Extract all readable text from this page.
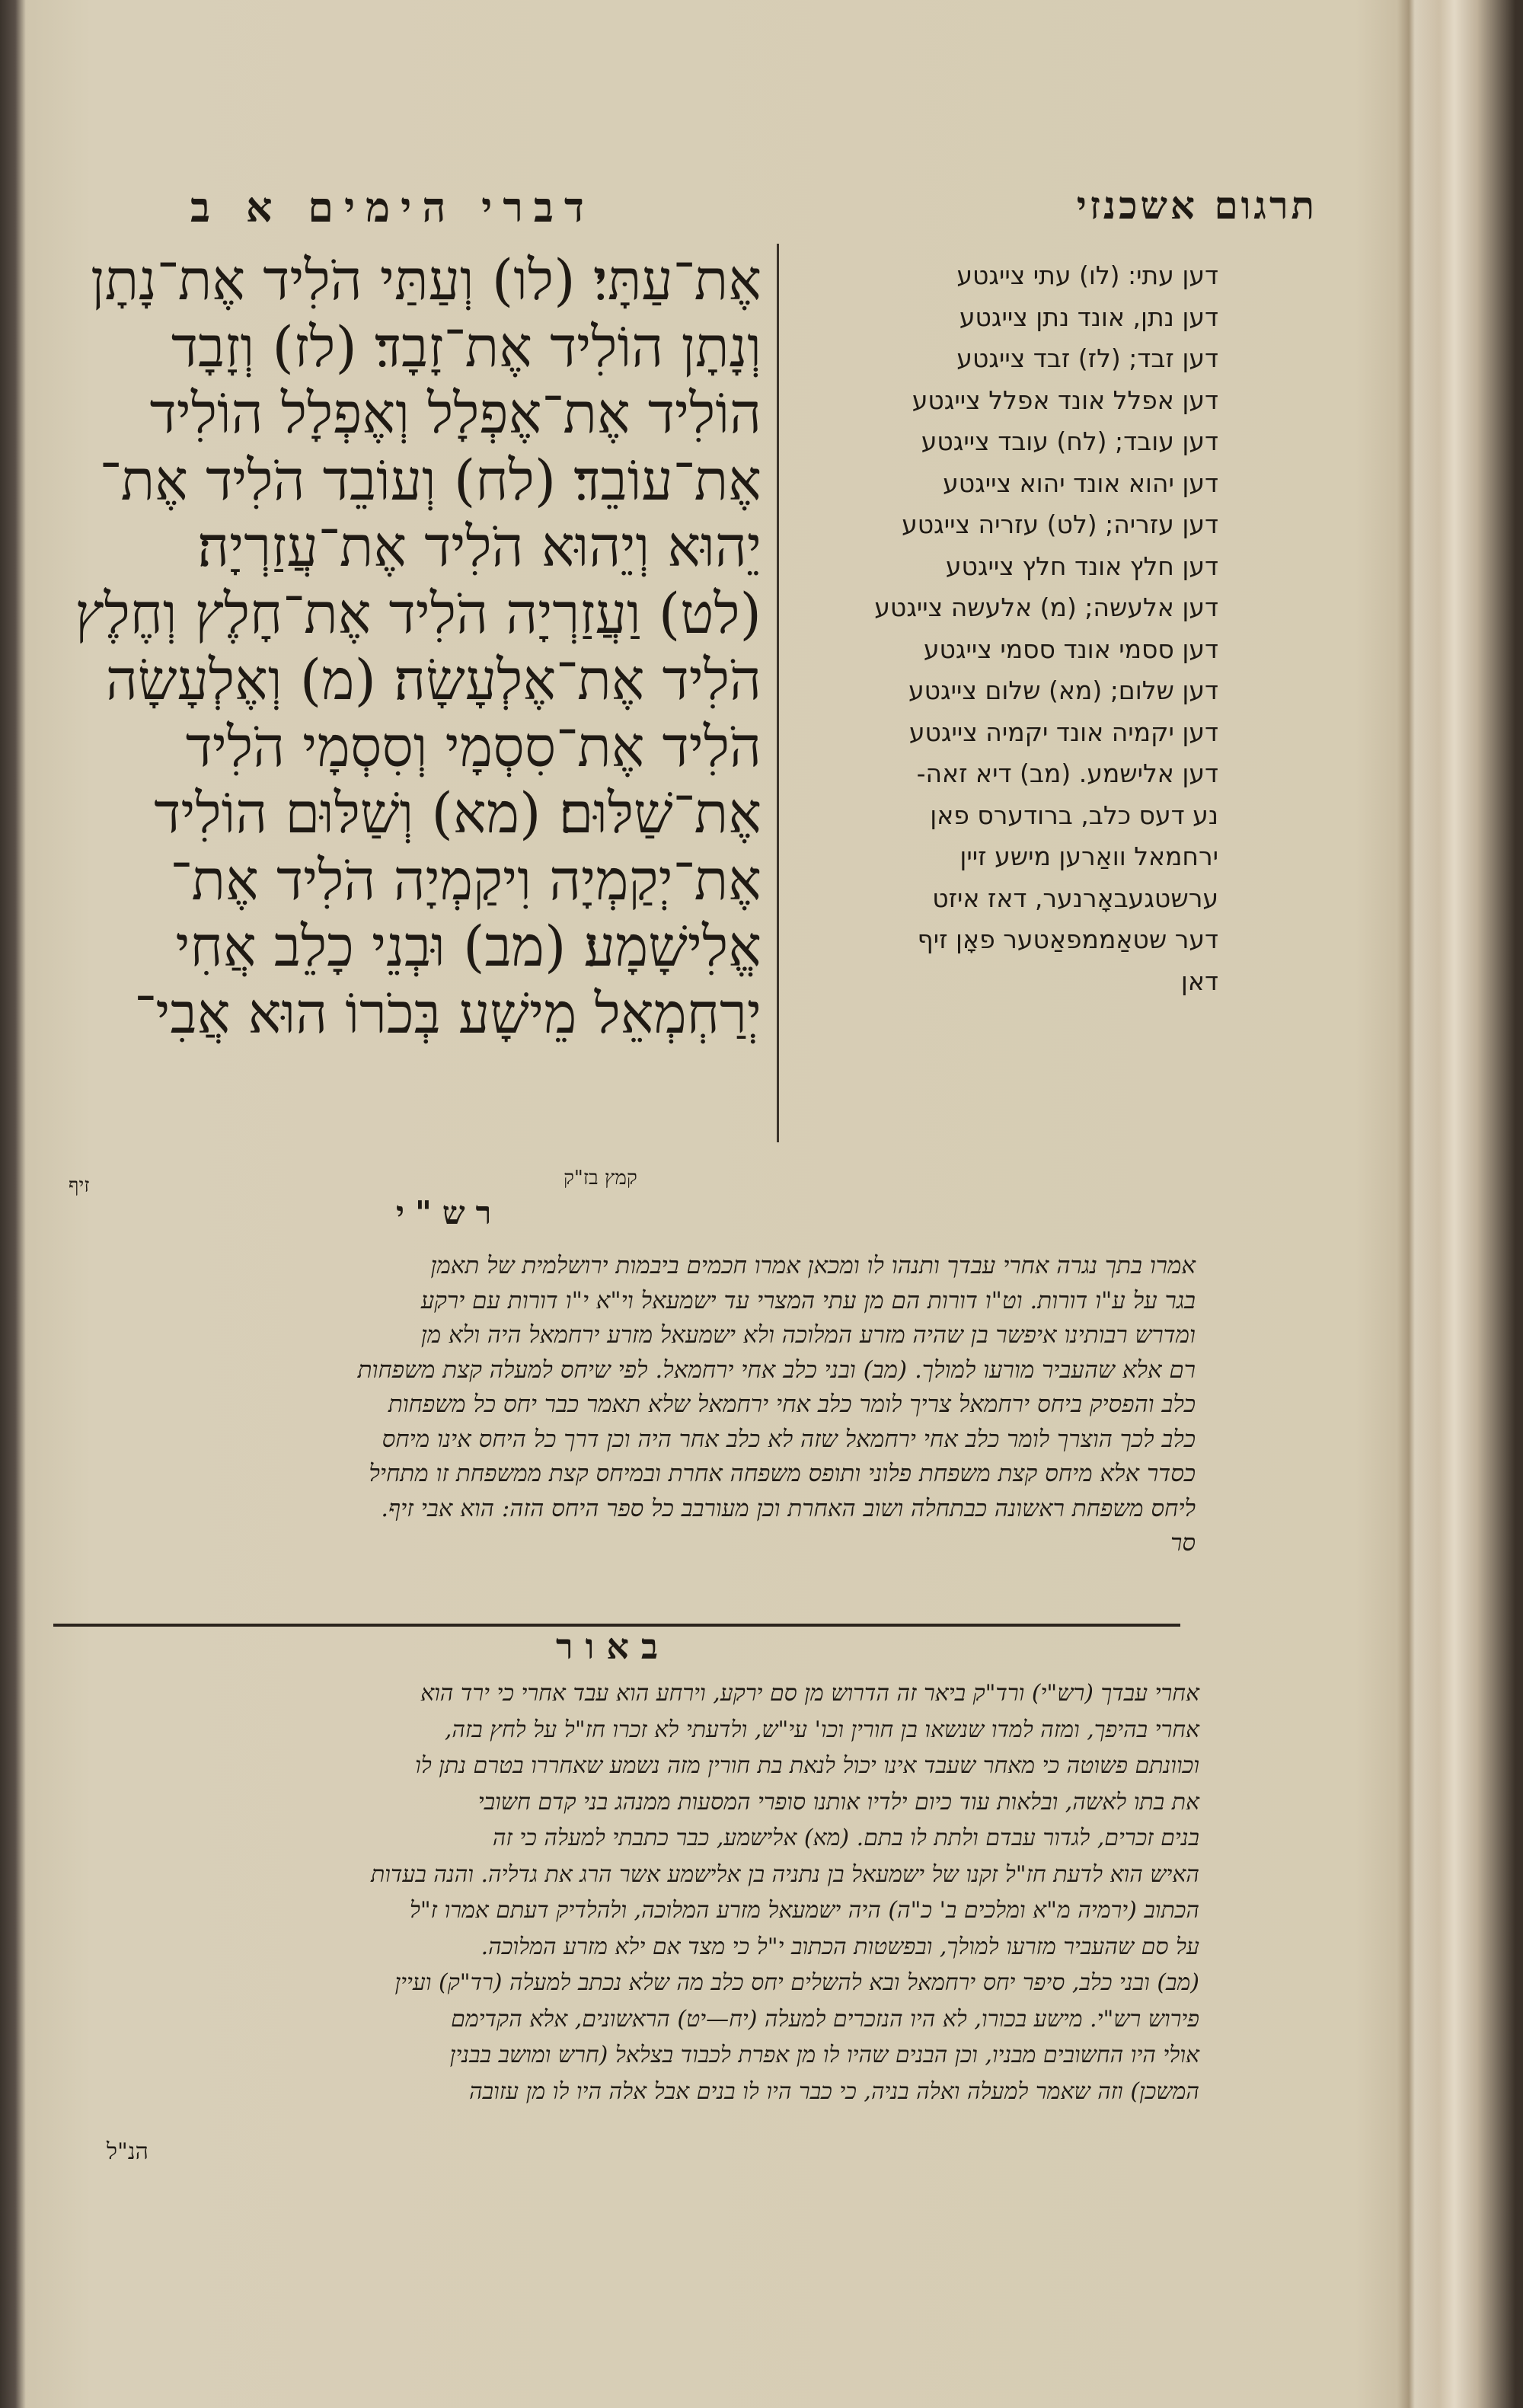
דברי הימים א ב	תרגום אשכנזי
אֶת־עַתָּי׃ (לו) וְעַתַּי הֹלִיד אֶת־נָתָן
וְנָתָן הוֹלִיד אֶת־זָבָד׃ (לז) וְזָבָד
הוֹלִיד אֶת־אֶפְלָל וְאֶפְלָל הוֹלִיד
אֶת־עוֹבֵד׃ (לח) וְעוֹבֵד הֹלִיד אֶת־
יֵהוּא וְיֵהוּא הֹלִיד אֶת־עֲזַרְיָה׃
(לט) וַעֲזַרְיָה הֹלִיד אֶת־חָלֶץ וְחֶלֶץ
הֹלִיד אֶת־אֶלְעָשָׂה׃ (מ) וְאֶלְעָשָׂה
הֹלִיד אֶת־סִסְמָי וְסִסְמָי הֹלִיד
אֶת־שַׁלּוּם׃ (מא) וְשַׁלּוּם הוֹלִיד
אֶת־יְקַמְיָה וִיקַמְיָה הֹלִיד אֶת־
אֱלִישָׁמָע׃ (מב) וּבְנֵי כָלֵב אֲחִי
יְרַחְמְאֵל מֵישָׁע בְּכֹרוֹ הוּא אֲבִי־
דען עתי: (לו) עתי צייגטע
דען נתן, אונד נתן צייגטע
דען זבד; (לז) זבד צייגטע
דען אפלל אונד אפלל צייגטע
דען עובד; (לח) עובד צייגטע
דען יהוא אונד יהוא צייגטע
דען עזריה; (לט) עזריה צייגטע
דען חלץ אונד חלץ צייגטע
דען אלעשה; (מ) אלעשה צייגטע
דען ססמי אונד ססמי צייגטע
דען שלום; (מא) שלום צייגטע
דען יקמיה אונד יקמיה צייגטע
דען אלישמע. (מב) דיא זאה-
נע דעס כלב, ברודערס פאן
ירחמאל וואַרען מישע זיין
ערשטגעבאָרנער, דאז איזט
דער שטאַממפאַטער פאָן זיף
דאן
זיף	קמץ בז"ק
רש"י
אמרו בתך נגרה אחרי עבדך ותנהו לו ומכאן אמרו חכמים ביבמות ירושלמית של תאמן
בגר על ע"ו דורות. וט"ו דורות הם מן עתי המצרי עד ישמעאל וי"א י"ו דורות עם ירקע
ומדרש רבותינו איפשר בן שהיה מזרע המלוכה ולא ישמעאל מזרע ירחמאל היה ולא מן
רם אלא שהעביר מורעו למולך. (מב) ובני כלב אחי ירחמאל. לפי שיחס למעלה קצת משפחות
כלב והפסיק ביחס ירחמאל צריך לומר כלב אחי ירחמאל שלא תאמר כבר יחס כל משפחות
כלב לכך הוצרך לומר כלב אחי ירחמאל שזה לא כלב אחר היה וכן דרך כל היחס אינו מיחס
כסדר אלא מיחס קצת משפחת פלוני ותופס משפחה אחרת ובמיחס קצת ממשפחת זו מתחיל
ליחס משפחת ראשונה כבתחלה ושוב האחרת וכן מעורבב כל ספר היחס הזה: הוא אבי זיף.
סר
באור
אחרי עבדך (רש"י) ורד"ק ביאר זה הדרוש מן סם ירקע, וירחע הוא עבד אחרי כי ירד הוא
אחרי בהיפך, ומזה למדו שנשאו בן חורין וכו' עי"ש, ולדעתי לא זכרו חז"ל על לחץ בזה,
וכוונתם פשוטה כי מאחר שעבד אינו יכול לנאת בת חורין מזה נשמע שאחררו בטרם נתן לו
את בתו לאשה, ובלאות עוד כיום ילדיו אותנו סופרי המסעות ממנהג בני קדם חשובי
בנים זכרים, לגדור עבדם ולתת לו בתם. (מא) אלישמע, כבר כתבתי למעלה כי זה
האיש הוא לדעת חז"ל זקנו של ישמעאל בן נתניה בן אלישמע אשר הרג את גדליה. והנה בעדות
הכתוב (ירמיה מ"א ומלכים ב' כ"ה) היה ישמעאל מזרע המלוכה, ולהלדיק דעתם אמרו ז"ל
על סם שהעביר מזרעו למולך, ובפשטות הכתוב י"ל כי מצד אם ילא מזרע המלוכה.
(מב) ובני כלב, סיפר יחס ירחמאל ובא להשלים יחס כלב מה שלא נכתב למעלה (רד"ק) ועיין
פירוש רש"י. מישע בכורו, לא היו הנזכרים למעלה (יח—יט) הראשונים, אלא הקדימם
אולי היו החשובים מבניו, וכן הבנים שהיו לו מן אפרת לכבוד בצלאל (חרש ומושב בבנין
המשכן) וזה שאמר למעלה ואלה בניה, כי כבר היו לו בנים אבל אלה היו לו מן עזובה
הנ"ל
